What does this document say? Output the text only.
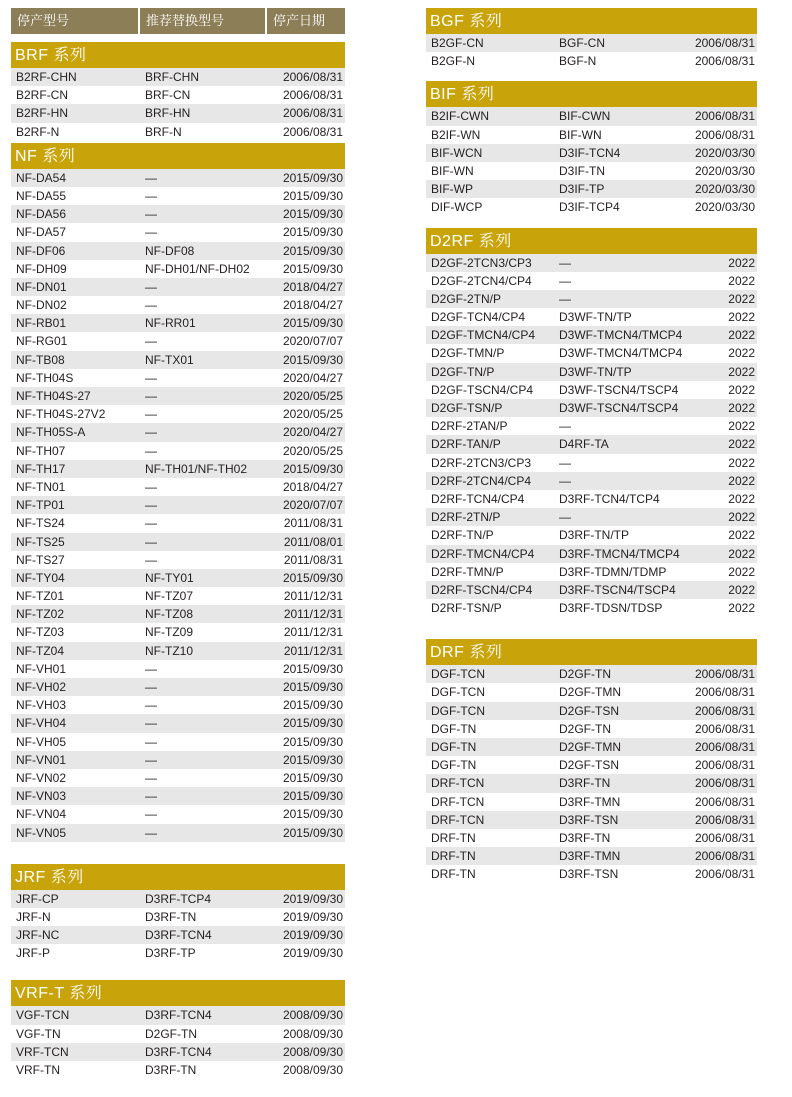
停产型号	推荐替换型号	停产日期
BRF 系列
B2RF-CHN	BRF-CHN	2006/08/31
B2RF-CN	BRF-CN	2006/08/31
B2RF-HN	BRF-HN	2006/08/31
B2RF-N	BRF-N	2006/08/31
NF 系列
NF-DA54	—	2015/09/30
NF-DA55	—	2015/09/30
NF-DA56	—	2015/09/30
NF-DA57	—	2015/09/30
NF-DF06	NF-DF08	2015/09/30
NF-DH09	NF-DH01/NF-DH02	2015/09/30
NF-DN01	—	2018/04/27
NF-DN02	—	2018/04/27
NF-RB01	NF-RR01	2015/09/30
NF-RG01	—	2020/07/07
NF-TB08	NF-TX01	2015/09/30
NF-TH04S	—	2020/04/27
NF-TH04S-27	—	2020/05/25
NF-TH04S-27V2	—	2020/05/25
NF-TH05S-A	—	2020/04/27
NF-TH07	—	2020/05/25
NF-TH17	NF-TH01/NF-TH02	2015/09/30
NF-TN01	—	2018/04/27
NF-TP01	—	2020/07/07
NF-TS24	—	2011/08/31
NF-TS25	—	2011/08/01
NF-TS27	—	2011/08/31
NF-TY04	NF-TY01	2015/09/30
NF-TZ01	NF-TZ07	2011/12/31
NF-TZ02	NF-TZ08	2011/12/31
NF-TZ03	NF-TZ09	2011/12/31
NF-TZ04	NF-TZ10	2011/12/31
NF-VH01	—	2015/09/30
NF-VH02	—	2015/09/30
NF-VH03	—	2015/09/30
NF-VH04	—	2015/09/30
NF-VH05	—	2015/09/30
NF-VN01	—	2015/09/30
NF-VN02	—	2015/09/30
NF-VN03	—	2015/09/30
NF-VN04	—	2015/09/30
NF-VN05	—	2015/09/30
JRF 系列
JRF-CP	D3RF-TCP4	2019/09/30
JRF-N	D3RF-TN	2019/09/30
JRF-NC	D3RF-TCN4	2019/09/30
JRF-P	D3RF-TP	2019/09/30
VRF-T 系列
VGF-TCN	D3RF-TCN4	2008/09/30
VGF-TN	D2GF-TN	2008/09/30
VRF-TCN	D3RF-TCN4	2008/09/30
VRF-TN	D3RF-TN	2008/09/30
BGF 系列
B2GF-CN	BGF-CN	2006/08/31
B2GF-N	BGF-N	2006/08/31
BIF 系列
B2IF-CWN	BIF-CWN	2006/08/31
B2IF-WN	BIF-WN	2006/08/31
BIF-WCN	D3IF-TCN4	2020/03/30
BIF-WN	D3IF-TN	2020/03/30
BIF-WP	D3IF-TP	2020/03/30
DIF-WCP	D3IF-TCP4	2020/03/30
D2RF 系列
D2GF-2TCN3/CP3	—	2022
D2GF-2TCN4/CP4	—	2022
D2GF-2TN/P	—	2022
D2GF-TCN4/CP4	D3WF-TN/TP	2022
D2GF-TMCN4/CP4	D3WF-TMCN4/TMCP4	2022
D2GF-TMN/P	D3WF-TMCN4/TMCP4	2022
D2GF-TN/P	D3WF-TN/TP	2022
D2GF-TSCN4/CP4	D3WF-TSCN4/TSCP4	2022
D2GF-TSN/P	D3WF-TSCN4/TSCP4	2022
D2RF-2TAN/P	—	2022
D2RF-TAN/P	D4RF-TA	2022
D2RF-2TCN3/CP3	—	2022
D2RF-2TCN4/CP4	—	2022
D2RF-TCN4/CP4	D3RF-TCN4/TCP4	2022
D2RF-2TN/P	—	2022
D2RF-TN/P	D3RF-TN/TP	2022
D2RF-TMCN4/CP4	D3RF-TMCN4/TMCP4	2022
D2RF-TMN/P	D3RF-TDMN/TDMP	2022
D2RF-TSCN4/CP4	D3RF-TSCN4/TSCP4	2022
D2RF-TSN/P	D3RF-TDSN/TDSP	2022
DRF 系列
DGF-TCN	D2GF-TN	2006/08/31
DGF-TCN	D2GF-TMN	2006/08/31
DGF-TCN	D2GF-TSN	2006/08/31
DGF-TN	D2GF-TN	2006/08/31
DGF-TN	D2GF-TMN	2006/08/31
DGF-TN	D2GF-TSN	2006/08/31
DRF-TCN	D3RF-TN	2006/08/31
DRF-TCN	D3RF-TMN	2006/08/31
DRF-TCN	D3RF-TSN	2006/08/31
DRF-TN	D3RF-TN	2006/08/31
DRF-TN	D3RF-TMN	2006/08/31
DRF-TN	D3RF-TSN	2006/08/31
